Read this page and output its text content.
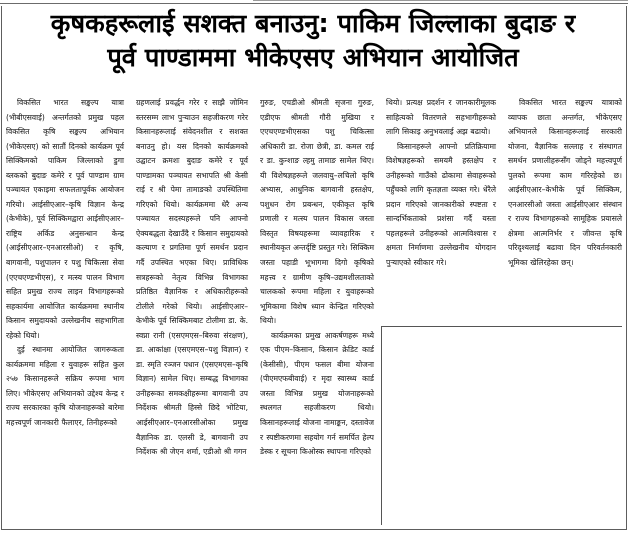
कृषकहरूलाई सशक्त बनाउनु: पाकिम जिल्लाका बुदाङ र
पूर्व पाण्डाममा भीकेएसए अभियान आयोजित

विकसित भारत सङ्कल्प यात्रा (भीबीएसवाई) अन्तर्गतको प्रमुख पहल विकसित कृषि सङ्कल्प अभियान (भीकेएसए) को सातौं दिनको कार्यक्रम पूर्व सिक्किमको पाकिम जिल्लाको डुगा ब्लकको बुदाङ कमेरे र पूर्व पाण्डाम ग्राम पञ्चायत एकाइमा सफलतापूर्वक आयोजन गरियो। आईसीएआर–कृषि विज्ञान केन्द्र (केभीके), पूर्व सिक्किमद्वारा आईसीएआर–राष्ट्रिय अर्किड अनुसन्धान केन्द्र (आईसीएआर–एनआरसीओ) र कृषि, बागवानी, पशुपालन र पशु चिकित्सा सेवा (एएचएण्डभीएस), र मत्स्य पालन विभाग सहित प्रमुख राज्य लाइन विभागहरूको सहकार्यमा आयोजित कार्यक्रममा स्थानीय किसान समुदायको उल्लेखनीय सहभागिता रहेको थियो।

दुई स्थानमा आयोजित जागरूकता कार्यक्रममा महिला र युवाहरू सहित कुल २५७ किसानहरूले सक्रिय रूपमा भाग लिए। भीकेएसए अभियानको उद्देश्य केन्द्र र राज्य सरकारका कृषि योजनाहरूको बारेमा महत्त्वपूर्ण जानकारी फैलाएर, तिनीहरूको

ग्रहणलाई प्रवर्द्धन गरेर र साझै जोमिन स्तरसम्म लाभ पुर्‍याउन सहजीकरण गरेर किसानहरूलाई संवेदनशील र सशक्त बनाउनु हो। यस दिनको कार्यक्रमको उद्घाटन क्रमशः बुदाङ कमेरे र पूर्व पाण्डामका पञ्चायत सभापति श्री केसी राई र श्री पेमा तामाङको उपस्थितिमा गरिएको थियो। कार्यक्रममा धेरै अन्य पञ्चायत सदस्यहरूले पनि आफ्नो ऐक्यबद्धता देखाउँदै र किसान समुदायको कल्याण र प्रगतिमा पूर्ण समर्थन प्रदान गर्दै उपस्थित भएका थिए। प्राविधिक सत्रहरूको नेतृत्व विभिन्न विभागका प्रतिष्ठित वैज्ञानिक र अधिकारीहरूको टोलीले गरेको थियो। आईसीएआर–केभीके पूर्व सिक्किमबाट टोलीमा डा. के. स्वप्ना रानी (एसएमएस–बिरुवा संरक्षण), डा. आकांक्षा (एसएमएस–पशु विज्ञान) र डा. स्मृति रञ्जन पधान (एसएमएस–कृषि विज्ञान) सामेल थिए। सम्बद्ध विभागका उनीहरूका समकक्षीहरूमा बागवानी उप निर्देशक श्रीमती हिस्से छिदे भोटिया, आईसीएआर–एनआरसीओका प्रमुख वैज्ञानिक डा. एलसी डे, बागवानी उप निर्देशक श्री जेएन शर्मा, एडीओ श्री गगन

गुरुङ, एचडीओ श्रीमती सृजना गुरुङ, एडीएफ श्रीमती गौरी मुखिया र एएचएण्डभीएसका पशु चिकित्सा अधिकारी डा. रोजा छेत्री, डा. कमल राई र डा. कुन्शाङ ल्हमु तामाङ सामेल थिए। यी विशेषज्ञहरूले जलवायु–लचिलो कृषि अभ्यास, आधुनिक बागवानी हस्तक्षेप, पशुधन रोग प्रबन्धन, एकीकृत कृषि प्रणाली र मत्स्य पालन विकास जस्ता विस्तृत विषयहरूमा व्यावहारिक र स्थानीयकृत अन्तर्दृष्टि प्रस्तुत गरे। सिक्किम जस्ता पहाडी भूभागमा दिगो कृषिको महत्त्व र ग्रामीण कृषि–उद्यमशीलताको चालकको रूपमा महिला र युवाहरूको भूमिकामा विशेष ध्यान केन्द्रित गरिएको थियो।

कार्यक्रमका प्रमुख आकर्षणहरू मध्ये एक पीएम–किसान, किसान क्रेडिट कार्ड (केसीसी), पीएम फसल बीमा योजना (पीएमएफबीवाई) र मृदा स्वास्थ्य कार्ड जस्ता विभिन्न प्रमुख योजनाहरूको स्थलगत सहजीकरण थियो। किसानहरूलाई योजना नामाङ्कन, दस्तावेज र स्पष्टीकरणमा सहयोग गर्न समर्पित हेल्प डेस्क र सूचना किओस्क स्थापना गरिएको

थियो। प्रत्यक्ष प्रदर्शन र जानकारीमूलक साहित्यको वितरणले सहभागीहरूको लागि सिकाइ अनुभवलाई अझ बढायो।

किसानहरूले आफ्नो प्रतिक्रियामा विशेषज्ञहरूको समयमै हस्तक्षेप र उनीहरूको गाउँको ढोकामा सेवाहरूको पहुँचको लागि कृतज्ञता व्यक्त गरे। धेरैले प्रदान गरिएको जानकारीको स्पष्टता र सान्दर्भिकताको प्रशंसा गर्दै यस्ता पहलहरूले उनीहरूको आत्मविश्वास र क्षमता निर्माणमा उल्लेखनीय योगदान पुर्‍याएको स्वीकार गरे।

विकसित भारत सङ्कल्प यात्राको व्यापक छाता अन्तर्गत, भीकेएसए अभियानले किसानहरूलाई सरकारी योजना, वैज्ञानिक सल्लाह र संस्थागत समर्थन प्रणालीहरूसँग जोड्ने महत्त्वपूर्ण पुलको रूपमा काम गरिरहेको छ। आईसीएआर–केभीके पूर्व सिक्किम, एनआरसीओ जस्ता आईसीएआर संस्थान र राज्य विभागहरूको सामूहिक प्रयासले क्षेत्रमा आत्मनिर्भर र जीवन्त कृषि परिदृश्यलाई बढावा दिन परिवर्तनकारी भूमिका खेलिरहेका छन्।
